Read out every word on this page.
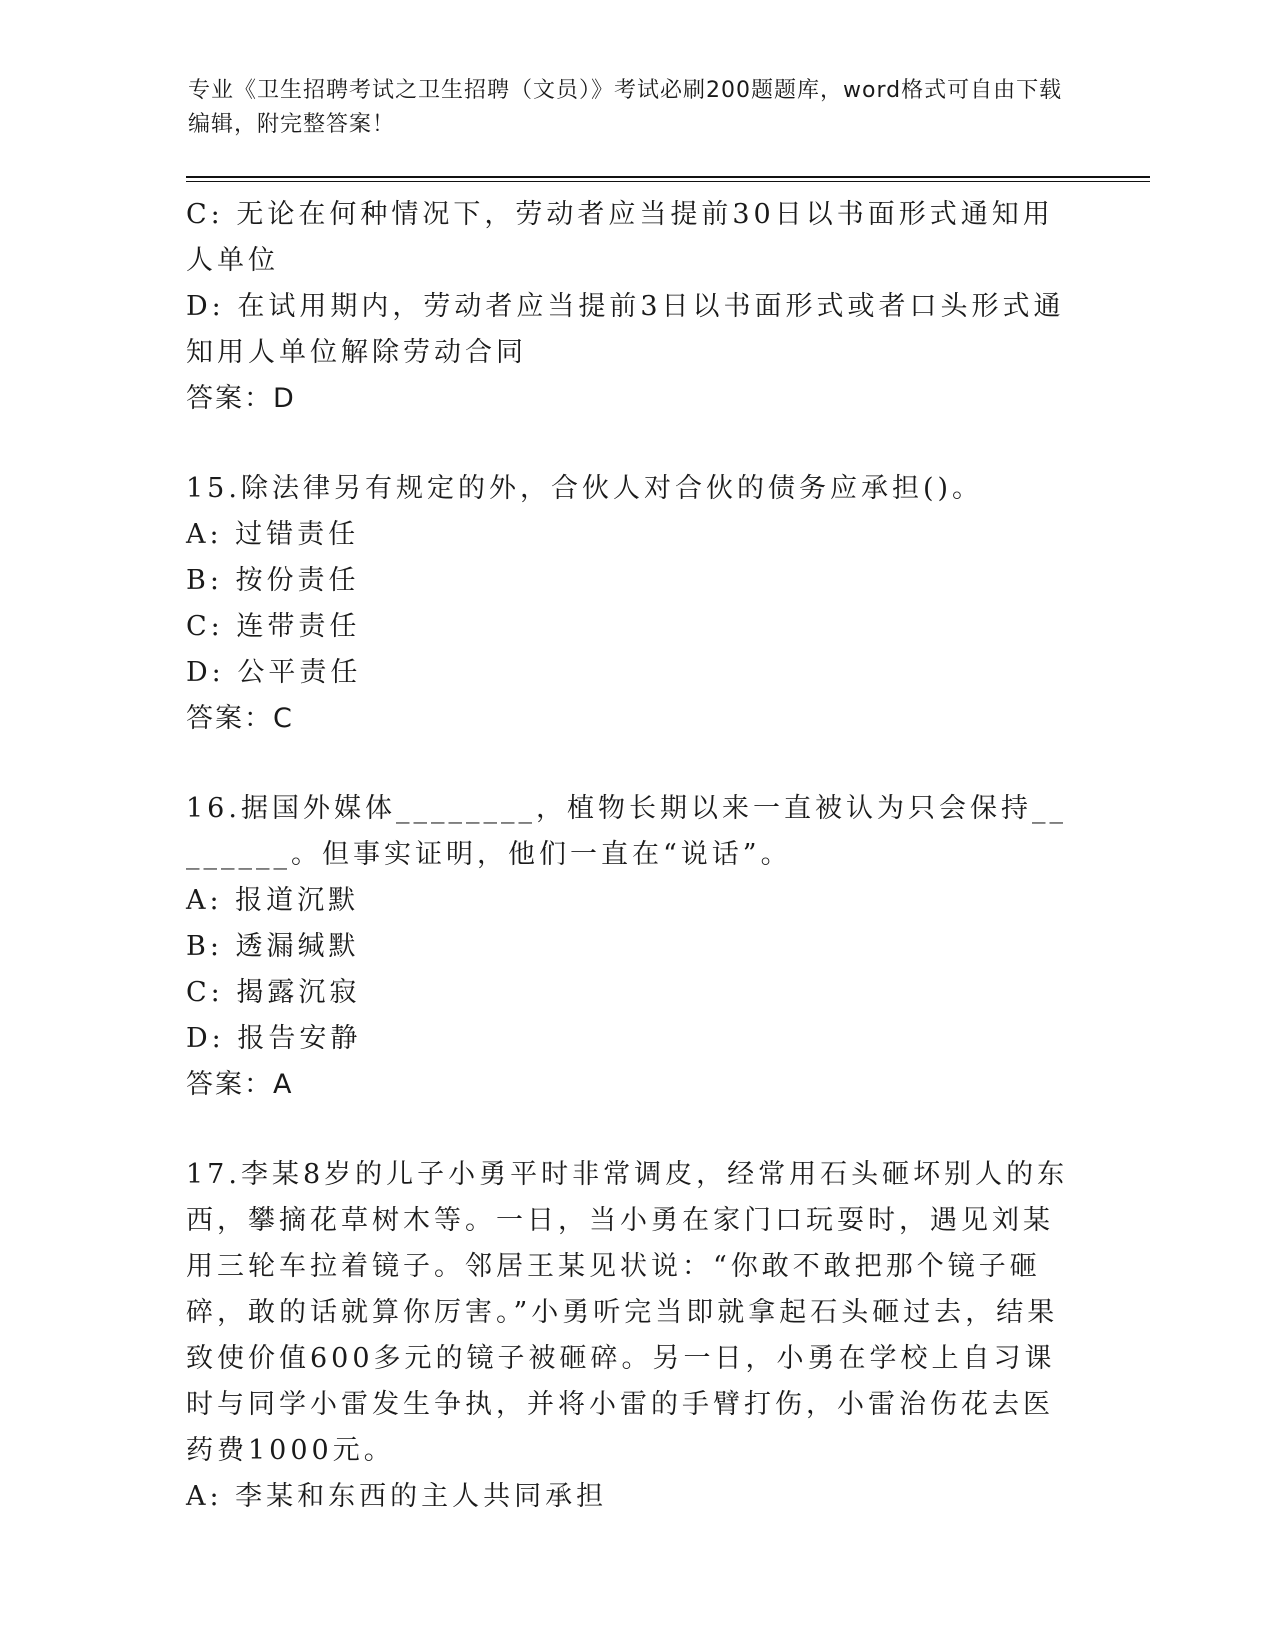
专业《卫生招聘考试之卫生招聘（文员）》考试必刷200题题库，word格式可自由下载编辑，附完整答案！

C: 无论在何种情况下，劳动者应当提前30日以书面形式通知用人单位

D: 在试用期内，劳动者应当提前3日以书面形式或者口头形式通知用人单位解除劳动合同

答案：D

15.除法律另有规定的外，合伙人对合伙的债务应承担()。

A: 过错责任

B: 按份责任

C: 连带责任

D: 公平责任

答案：C

16.据国外媒体________，植物长期以来一直被认为只会保持________。但事实证明，他们一直在“说话”。

A: 报道沉默

B: 透漏缄默

C: 揭露沉寂

D: 报告安静

答案：A

17.李某8岁的儿子小勇平时非常调皮，经常用石头砸坏别人的东西，攀摘花草树木等。一日，当小勇在家门口玩耍时，遇见刘某用三轮车拉着镜子。邻居王某见状说：“你敢不敢把那个镜子砸碎，敢的话就算你厉害。”小勇听完当即就拿起石头砸过去，结果致使价值600多元的镜子被砸碎。另一日，小勇在学校上自习课时与同学小雷发生争执，并将小雷的手臂打伤，小雷治伤花去医药费1000元。

A: 李某和东西的主人共同承担
